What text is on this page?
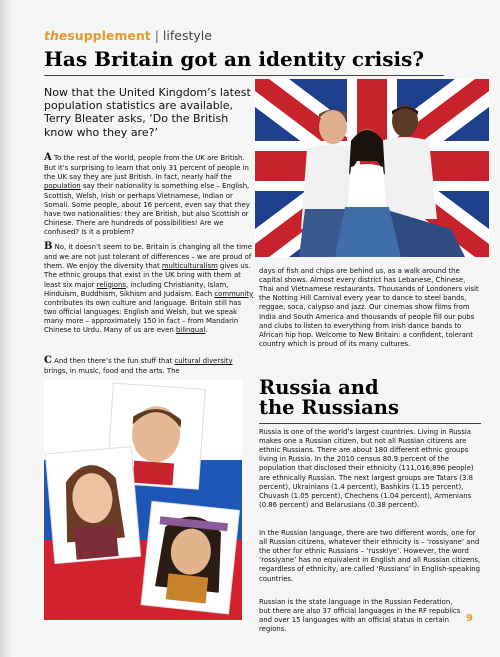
thesupplement | lifestyle
Has Britain got an identity crisis?
Now that the United Kingdom’s latest population statistics are available, Terry Bleater asks, ‘Do the British know who they are?’
A To the rest of the world, people from the UK are British. But it’s surprising to learn that only 31 percent of people in the UK say they are just British. In fact, nearly half the population say their nationality is something else – English, Scottish, Welsh, Irish or perhaps Vietnamese, Indian or Somali. Some people, about 16 percent, even say that they have two nationalities: they are British, but also Scottish or Chinese. There are hundreds of possibilities! Are we confused? Is it a problem?
B No, it doesn’t seem to be. Britain is changing all the time and we are not just tolerant of differences – we are proud of them. We enjoy the diversity that multiculturalism gives us. The ethnic groups that exist in the UK bring with them at least six major religions, including Christianity, Islam, Hinduism, Buddhism, Sikhism and Judaism. Each community contributes its own culture and language. Britain still has two official languages: English and Welsh, but we speak many more – approximately 150 in fact – from Mandarin Chinese to Urdu. Many of us are even bilingual.
C And then there’s the fun stuff that cultural diversity brings, in music, food and the arts. The
days of fish and chips are behind us, as a walk around the capital shows. Almost every district has Lebanese, Chinese, Thai and Vietnamese restaurants. Thousands of Londoners visit the Notting Hill Carnival every year to dance to steel bands, reggae, soca, calypso and jazz. Our cinemas show films from India and South America and thousands of people fill our pubs and clubs to listen to everything from Irish dance bands to African hip hop. Welcome to New Britain: a confident, tolerant country which is proud of its many cultures.
Russia and
the Russians
Russia is one of the world’s largest countries. Living in Russia makes one a Russian citizen, but not all Russian citizens are ethnic Russians. There are about 180 different ethnic groups living in Russia. In the 2010 census 80.9 percent of the population that disclosed their ethnicity (111,016,896 people) are ethnically Russian. The next largest groups are Tatars (3.8 percent), Ukrainians (1.4 percent), Bashkirs (1.15 percent), Chuvash (1.05 percent), Chechens (1.04 percent), Armenians (0.86 percent) and Belarusians (0.38 percent).
In the Russian language, there are two different words, one for all Russian citizens, whatever their ethnicity is – ‘rossiyane’ and the other for ethnic Russians – ‘russkiye’. However, the word ‘rossiyane’ has no equivalent in English and all Russian citizens, regardless of ethnicity, are called ‘Russians’ in English-speaking countries.
Russian is the state language in the Russian Federation, but there are also 37 official languages in the RF republics and over 15 languages with an official status in certain regions.
9
